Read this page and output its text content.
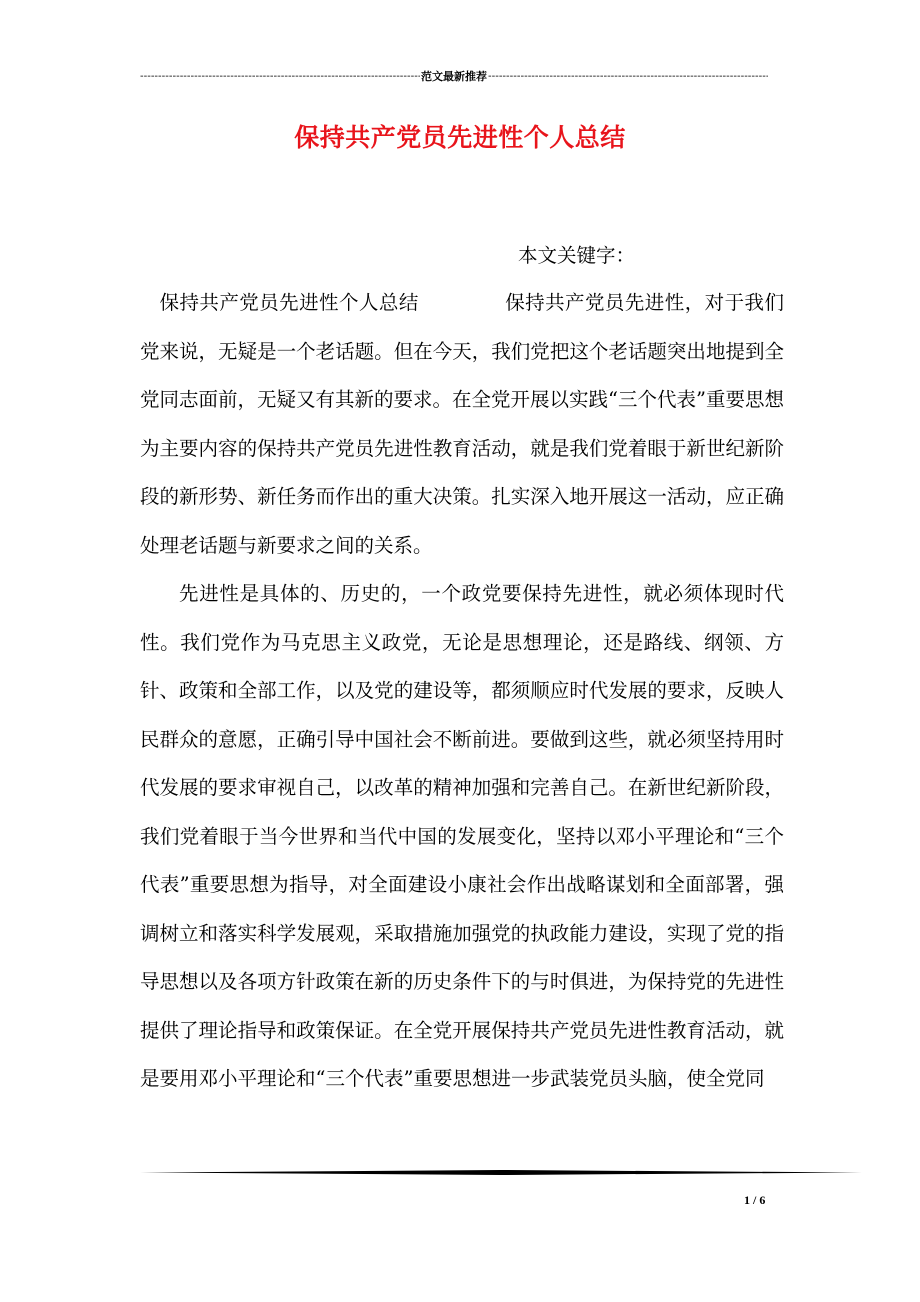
-----
范文最新推荐
-----
保持共产党员先进性个人总结
本文关键字：

保持共产党员先进性个人总结	保持共产党员先进性，对于我们党来说，无疑是一个老话题。但在今天，我们党把这个老话题突出地提到全党同志面前，无疑又有其新的要求。在全党开展以实践“三个代表”重要思想为主要内容的保持共产党员先进性教育活动，就是我们党着眼于新世纪新阶段的新形势、新任务而作出的重大决策。扎实深入地开展这一活动，应正确处理老话题与新要求之间的关系。

先进性是具体的、历史的，一个政党要保持先进性，就必须体现时代性。我们党作为马克思主义政党，无论是思想理论，还是路线、纲领、方针、政策和全部工作，以及党的建设等，都须顺应时代发展的要求，反映人民群众的意愿，正确引导中国社会不断前进。要做到这些，就必须坚持用时代发展的要求审视自己，以改革的精神加强和完善自己。在新世纪新阶段，我们党着眼于当今世界和当代中国的发展变化，坚持以邓小平理论和“三个代表”重要思想为指导，对全面建设小康社会作出战略谋划和全面部署，强调树立和落实科学发展观，采取措施加强党的执政能力建设，实现了党的指导思想以及各项方针政策在新的历史条件下的与时俱进，为保持党的先进性提供了理论指导和政策保证。在全党开展保持共产党员先进性教育活动，就是要用邓小平理论和“三个代表”重要思想进一步武装党员头脑，使全党同

1 / 6
